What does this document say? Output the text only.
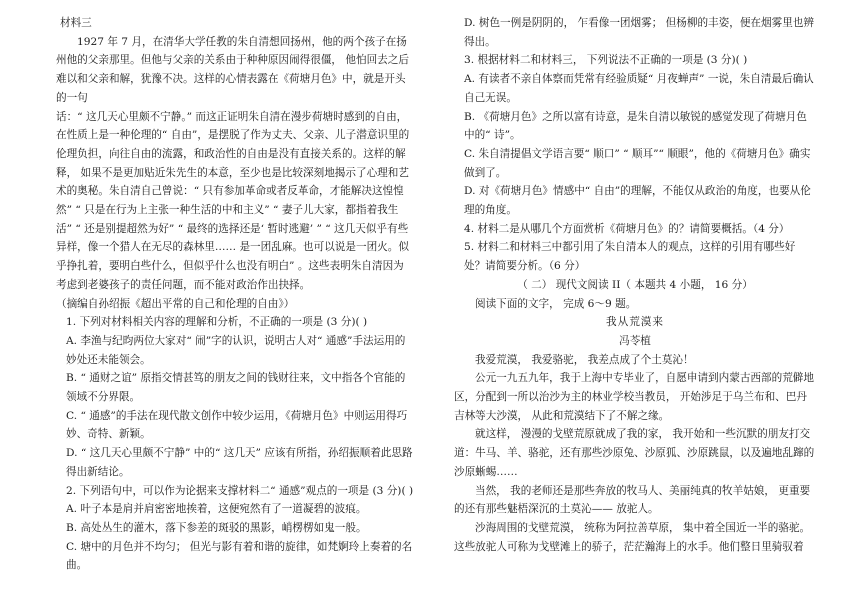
材料三

1927 年 7 月，在清华大学任教的朱自清想回扬州，他的两个孩子在扬州他的父亲那里。但他与父亲的关系由于种种原因闹得很僵， 他怕回去之后难以和父亲和解，犹豫不决。这样的心情表露在《荷塘月色》中，就是开头的一句

话：“ 这几天心里颇不宁静。” 而这正证明朱自清在漫步荷塘时感到的自由，在性质上是一种伦理的“ 自由”，是摆脱了作为丈夫、父亲、儿子潜意识里的伦理负担，向往自由的流露，和政治性的自由是没有直接关系的。这样的解释， 如果不是更加贴近朱先生的本意，至少也是比较深刻地揭示了心理和艺术的奥秘。朱自清自己曾说：“ 只有参加革命或者反革命，才能解决这惶惶然” “ 只是在行为上主张一种生活的中和主义” “ 妻子儿大家，都指着我生活” “ 还是别提超然为好” “ 最终的选择还是‘ 暂时逃避’ ” “ 这几天似乎有些异样，像一个猎人在无尽的森林里…… 是一团乱麻。也可以说是一团火。似乎挣扎着，要明白些什么，但似乎什么也没有明白” 。这些表明朱自清因为考虑到老婆孩子的责任问题，而不能对政治作出抉择。

（摘编自孙绍振《超出平常的自己和伦理的自由》）

1. 下列对材料相关内容的理解和分析，不正确的一项是 (3 分)( )

A. 李渔与纪昀两位大家对“ 闹”字的认识，说明古人对“ 通感”手法运用的妙处还未能领会。

B. “ 通财之谊” 原指交情甚笃的朋友之间的钱财往来，文中指各个官能的领域不分界限。

C. “ 通感”的手法在现代散文创作中较少运用，《荷塘月色》中则运用得巧妙、奇特、新颖。

D. “ 这几天心里颇不宁静” 中的“ 这几天” 应该有所指，孙绍振顺着此思路得出新结论。

2. 下列语句中，可以作为论据来支撑材料二“ 通感”观点的一项是 (3 分)( ) A. 叶子本是肩并肩密密地挨着，这便宛然有了一道凝碧的波痕。

B. 高处丛生的灌木，落下参差的斑驳的黑影，峭楞楞如鬼一般。

C. 塘中的月色并不均匀； 但光与影有着和谐的旋律，如梵婀玲上奏着的名曲。

D. 树色一例是阴阴的， 乍看像一团烟雾； 但杨柳的丰姿，便在烟雾里也辨得出。

3. 根据材料二和材料三， 下列说法不正确的一项是 (3 分)( )

A. 有读者不亲自体察而凭常有经验质疑“ 月夜蝉声” 一说，朱自清最后确认自己无误。

B. 《荷塘月色》之所以富有诗意，是朱自清以敏锐的感觉发现了荷塘月色中的“ 诗”。

C. 朱自清提倡文学语言要“ 顺口” “ 顺耳”“ 顺眼”，他的《荷塘月色》确实做到了。

D. 对《荷塘月色》情感中“ 自由”的理解，不能仅从政治的角度，也要从伦理的角度。

4. 材料二是从哪几个方面赏析《荷塘月色》的？请简要概括。（4 分）

5. 材料二和材料三中都引用了朱自清本人的观点，这样的引用有哪些好处？请简要分析。（6 分）

（ 二） 现代文阅读 II（ 本题共 4 小题， 16 分）

阅读下面的文字， 完成 6～9 题。

我从荒漠来

冯苓植

我爱荒漠， 我爱骆驼， 我差点成了个土莫沁！

公元一九五九年，我于上海中专毕业了，自愿申请到内蒙古西部的荒僻地区，分配到一所以治沙为主的林业学校当教员， 开始涉足于乌兰布和、巴丹吉林等大沙漠， 从此和荒漠结下了不解之缘。

就这样， 漫漫的戈壁荒原就成了我的家， 我开始和一些沉默的朋友打交道：牛马、羊、骆驼，还有那些沙原兔、沙原狐、沙原跳鼠，以及遍地乱蹿的沙原蜥蜴……

当然， 我的老师还是那些奔放的牧马人、美丽纯真的牧羊姑娘， 更重要的还有那些魅梧深沉的土莫沁—— 放驼人。

沙海周围的戈壁荒漠， 统称为阿拉善草原， 集中着全国近一半的骆驼。这些放驼人可称为戈壁滩上的骄子，茫茫瀚海上的水手。他们整日里骑驭着
